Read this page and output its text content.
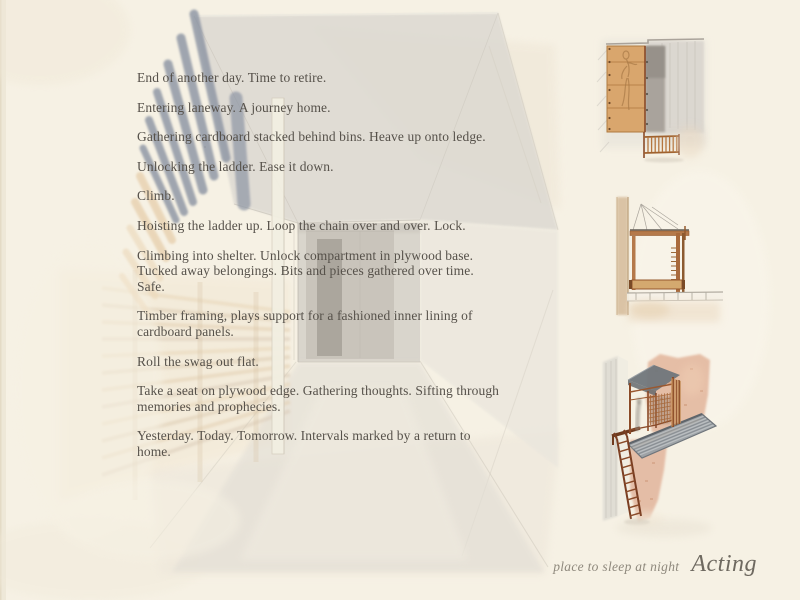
End of another day. Time to retire.

Entering laneway. A journey home.

Gathering cardboard stacked behind bins. Heave up onto ledge.

Unlocking the ladder. Ease it down.

Climb.

Hoisting the ladder up. Loop the chain over and over. Lock.

Climbing into shelter. Unlock compartment in plywood base. Tucked away belongings. Bits and pieces gathered over time. Safe.

Timber framing, plays support for a fashioned inner lining of cardboard panels.

Roll the swag out flat.

Take a seat on plywood edge. Gathering thoughts. Sifting through memories and prophecies.

Yesterday. Today. Tomorrow. Intervals marked by a return to home.

place to sleep at night Acting
